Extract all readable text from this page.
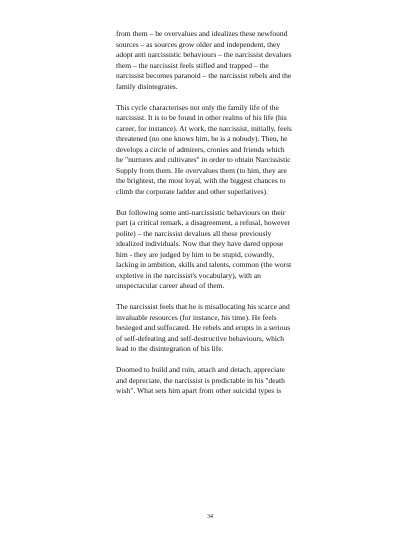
from them – he overvalues and idealizes these newfound
sources – as sources grow older and independent, they
adopt anti narcissistic behaviours – the narcissist devalues
them – the narcissist feels stifled and trapped – the
narcissist becomes paranoid – the narcissist rebels and the
family disintegrates.

This cycle characterises not only the family life of the
narcissist. It is to be found in other realms of his life (his
career, for instance). At work, the narcissist, initially, feels
threatened (no one knows him, he is a nobody). Then, he
develops a circle of admirers, cronies and friends which
he "nurtures and cultivates" in order to obtain Narcissistic
Supply from them. He overvalues them (to him, they are
the brightest, the most loyal, with the biggest chances to
climb the corporate ladder and other superlatives).

But following some anti-narcissistic behaviours on their
part (a critical remark, a disagreement, a refusal, however
polite) – the narcissist devalues all these previously
idealized individuals. Now that they have dared oppose
him - they are judged by him to be stupid, cowardly,
lacking in ambition, skills and talents, common (the worst
expletive in the narcissist's vocabulary), with an
unspectacular career ahead of them.

The narcissist feels that he is misallocating his scarce and
invaluable resources (for instance, his time). He feels
besieged and suffocated. He rebels and erupts in a serious
of self-defeating and self-destructive behaviours, which
lead to the disintegration of his life.

Doomed to build and ruin, attach and detach, appreciate
and depreciate, the narcissist is predictable in his "death
wish". What sets him apart from other suicidal types is

34
